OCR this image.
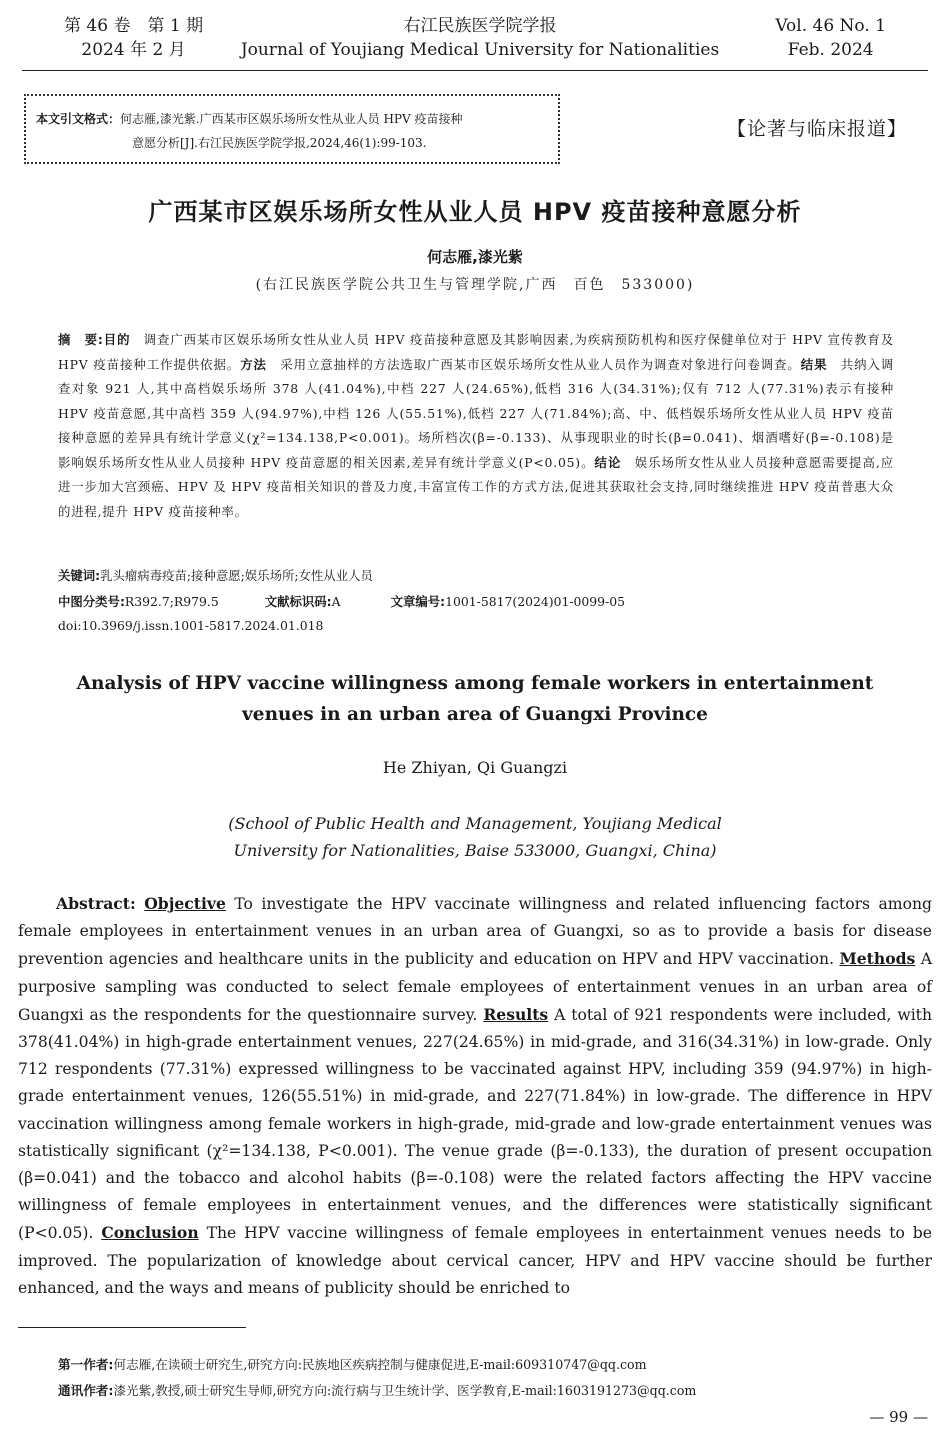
第 46 卷　第 1 期
2024 年 2 月
右江民族医学院学报
Journal of Youjiang Medical University for Nationalities
Vol. 46 No. 1
Feb. 2024
本文引文格式：何志雁,漆光紫.广西某市区娱乐场所女性从业人员 HPV 疫苗接种
意愿分析[J].右江民族医学院学报,2024,46(1):99-103.
【论著与临床报道】
广西某市区娱乐场所女性从业人员 HPV 疫苗接种意愿分析
何志雁,漆光紫
(右江民族医学院公共卫生与管理学院,广西　百色　533000)
摘　要:目的　调查广西某市区娱乐场所女性从业人员 HPV 疫苗接种意愿及其影响因素,为疾病预防机构和医疗保健单位对于 HPV 宣传教育及 HPV 疫苗接种工作提供依据。方法　采用立意抽样的方法选取广西某市区娱乐场所女性从业人员作为调查对象进行问卷调查。结果　共纳入调查对象 921 人,其中高档娱乐场所 378 人(41.04%),中档 227 人(24.65%),低档 316 人(34.31%);仅有 712 人(77.31%)表示有接种 HPV 疫苗意愿,其中高档 359 人(94.97%),中档 126 人(55.51%),低档 227 人(71.84%);高、中、低档娱乐场所女性从业人员 HPV 疫苗接种意愿的差异具有统计学意义(χ²=134.138,P<0.001)。场所档次(β=-0.133)、从事现职业的时长(β=0.041)、烟酒嗜好(β=-0.108)是影响娱乐场所女性从业人员接种 HPV 疫苗意愿的相关因素,差异有统计学意义(P<0.05)。结论　娱乐场所女性从业人员接种意愿需要提高,应进一步加大宫颈癌、HPV 及 HPV 疫苗相关知识的普及力度,丰富宣传工作的方式方法,促进其获取社会支持,同时继续推进 HPV 疫苗普惠大众的进程,提升 HPV 疫苗接种率。
关键词:乳头瘤病毒疫苗;接种意愿;娱乐场所;女性从业人员
中图分类号:R392.7;R979.5	文献标识码:A	文章编号:1001-5817(2024)01-0099-05
doi:10.3969/j.issn.1001-5817.2024.01.018
Analysis of HPV vaccine willingness among female workers in entertainment
venues in an urban area of Guangxi Province
He Zhiyan, Qi Guangzi
(School of Public Health and Management, Youjiang Medical
University for Nationalities, Baise 533000, Guangxi, China)
Abstract: Objective To investigate the HPV vaccinate willingness and related influencing factors among female employees in entertainment venues in an urban area of Guangxi, so as to provide a basis for disease prevention agencies and healthcare units in the publicity and education on HPV and HPV vaccination. Methods A purposive sampling was conducted to select female employees of entertainment venues in an urban area of Guangxi as the respondents for the questionnaire survey. Results A total of 921 respondents were included, with 378(41.04%) in high-grade entertainment venues, 227(24.65%) in mid-grade, and 316(34.31%) in low-grade. Only 712 respondents (77.31%) expressed willingness to be vaccinated against HPV, including 359 (94.97%) in high-grade entertainment venues, 126(55.51%) in mid-grade, and 227(71.84%) in low-grade. The difference in HPV vaccination willingness among female workers in high-grade, mid-grade and low-grade entertainment venues was statistically significant (χ²=134.138, P<0.001). The venue grade (β=-0.133), the duration of present occupation (β=0.041) and the tobacco and alcohol habits (β=-0.108) were the related factors affecting the HPV vaccine willingness of female employees in entertainment venues, and the differences were statistically significant (P<0.05). Conclusion The HPV vaccine willingness of female employees in entertainment venues needs to be improved. The popularization of knowledge about cervical cancer, HPV and HPV vaccine should be further enhanced, and the ways and means of publicity should be enriched to
第一作者:何志雁,在读硕士研究生,研究方向:民族地区疾病控制与健康促进,E-mail:609310747@qq.com
通讯作者:漆光紫,教授,硕士研究生导师,研究方向:流行病与卫生统计学、医学教育,E-mail:1603191273@qq.com
— 99 —
